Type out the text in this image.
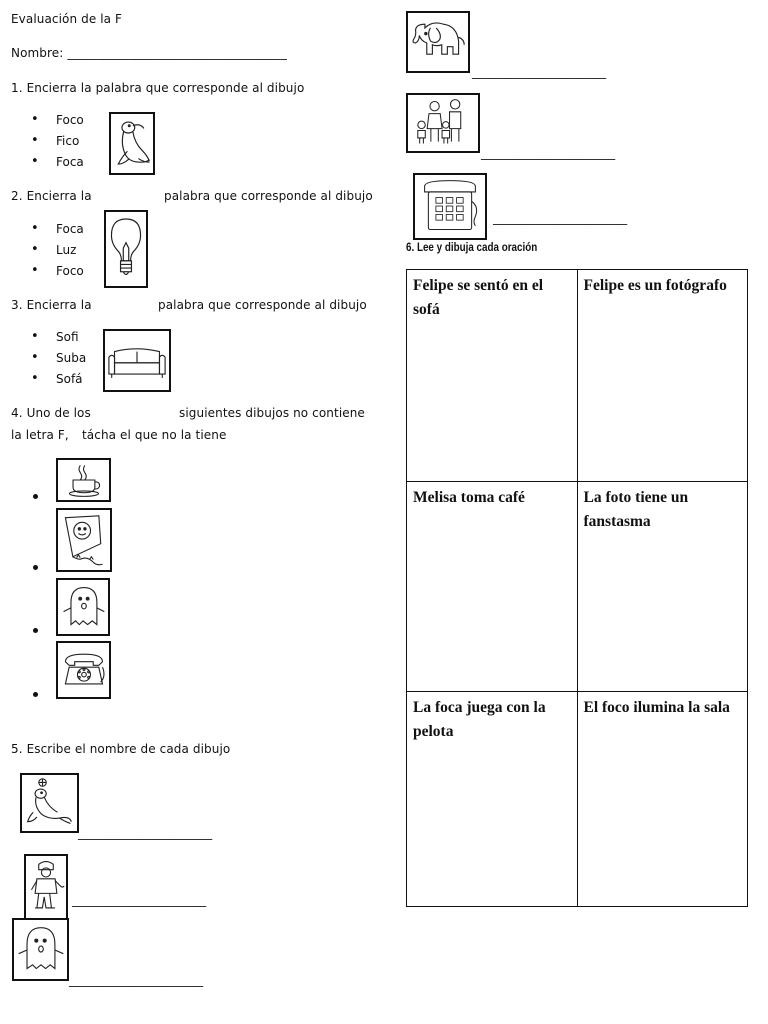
Evaluación de la F
Nombre: ____________________________________
1. Encierra la palabra que corresponde al dibujo
• Foco
• Fico
• Foca
2. Encierra la	palabra que corresponde al dibujo
• Foca
• Luz
• Foco
3. Encierra la	palabra que corresponde al dibujo
• Sofi
• Suba
• Sofá
4. Uno de los	siguientes dibujos no contiene
la letra F, tácha el que no la tiene
5. Escribe el nombre de cada dibujo
______________________
______________________
______________________
______________________
______________________
______________________
6. Lee y dibuja cada oración
Felipe se sentó en el sofá	Felipe es un fotógrafo
Melisa toma café	La foto tiene un fanstasma
La foca juega con la pelota	El foco ilumina la sala
